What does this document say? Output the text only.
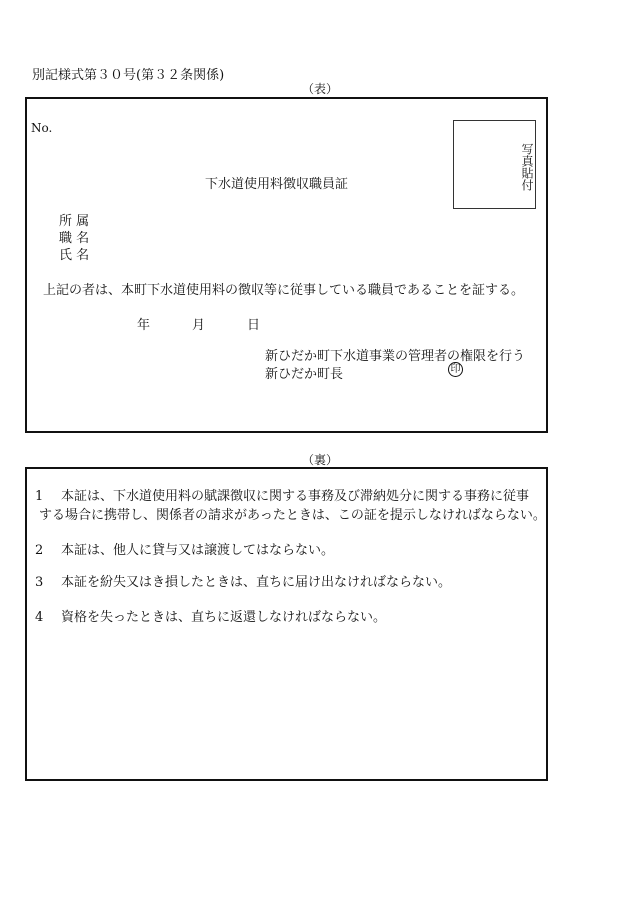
別記様式第３０号(第３２条関係)
（表）
No.
写真貼付
下水道使用料徴収職員証
所 属
職 名
氏 名
上記の者は、本町下水道使用料の徴収等に従事している職員であることを証する。
年	月	日
新ひだか町下水道事業の管理者の権限を行う
新ひだか町長	印
（裏）
1 本証は、下水道使用料の賦課徴収に関する事務及び滞納処分に関する事務に従事
する場合に携帯し、関係者の請求があったときは、この証を提示しなければならない。
2 本証は、他人に貸与又は譲渡してはならない。
3 本証を紛失又はき損したときは、直ちに届け出なければならない。
4 資格を失ったときは、直ちに返還しなければならない。
